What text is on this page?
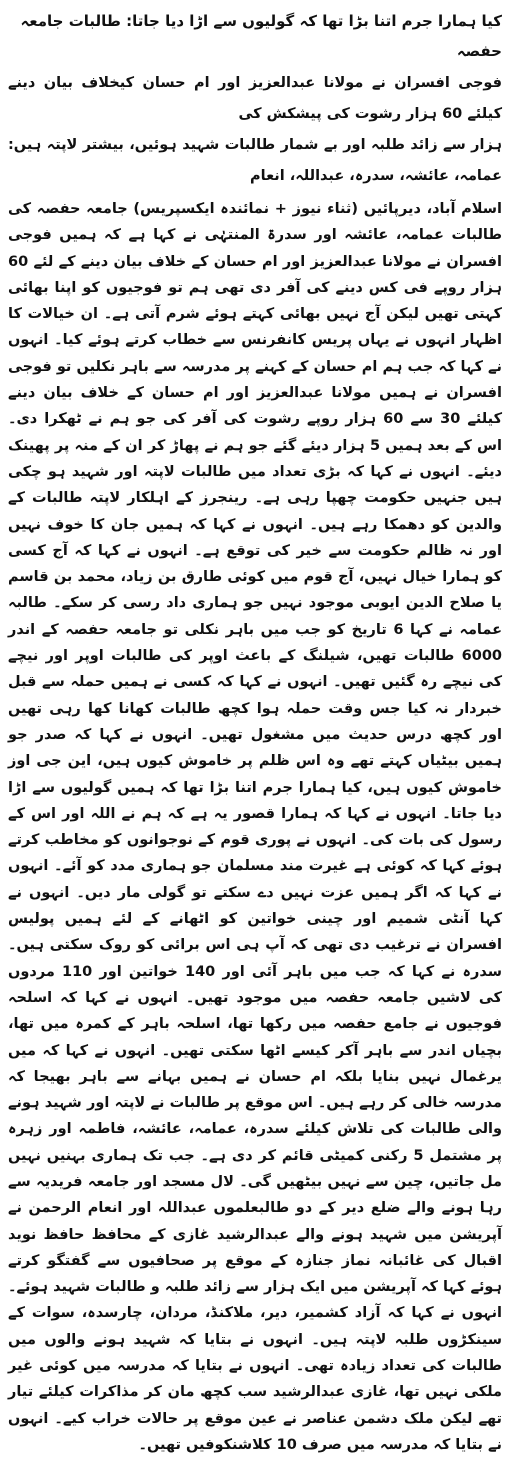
کیا ہمارا جرم اتنا بڑا تھا کہ گولیوں سے اڑا دیا جاتا: طالبات جامعہ حفصہ
فوجی افسران نے مولانا عبدالعزیز اور ام حسان کیخلاف بیان دینے کیلئے 60 ہزار رشوت کی پیشکش کی
ہزار سے زائد طلبہ اور بے شمار طالبات شہید ہوئیں، بیشتر لاپتہ ہیں: عمامہ، عائشہ، سدرہ، عبداللہ، انعام
اسلام آباد، دیرپائیں (ثناء نیوز + نمائندہ ایکسپریس) جامعہ حفصہ کی طالبات عمامہ، عائشہ اور سدرۃ المنتہٰی نے کہا ہے کہ ہمیں فوجی افسران نے مولانا عبدالعزیز اور ام حسان کے خلاف بیان دینے کے لئے 60 ہزار روپے فی کس دینے کی آفر دی تھی ہم تو فوجیوں کو اپنا بھائی کہتی تھیں لیکن آج نہیں بھائی کہتے ہوئے شرم آتی ہے۔ ان خیالات کا اظہار انہوں نے یہاں پریس کانفرنس سے خطاب کرتے ہوئے کیا۔ انہوں نے کہا کہ جب ہم ام حسان کے کہنے پر مدرسہ سے باہر نکلیں تو فوجی افسران نے ہمیں مولانا عبدالعزیز اور ام حسان کے خلاف بیان دینے کیلئے 30 سے 60 ہزار روپے رشوت کی آفر کی جو ہم نے ٹھکرا دی۔ اس کے بعد ہمیں 5 ہزار دیئے گئے جو ہم نے پھاڑ کر ان کے منہ پر پھینک دیئے۔ انہوں نے کہا کہ بڑی تعداد میں طالبات لاپتہ اور شہید ہو چکی ہیں جنہیں حکومت چھپا رہی ہے۔ رینجرز کے اہلکار لاپتہ طالبات کے والدین کو دھمکا رہے ہیں۔ انہوں نے کہا کہ ہمیں جان کا خوف نہیں اور نہ ظالم حکومت سے خیر کی توقع ہے۔ انہوں نے کہا کہ آج کسی کو ہمارا خیال نہیں، آج قوم میں کوئی طارق بن زیاد، محمد بن قاسم یا صلاح الدین ایوبی موجود نہیں جو ہماری داد رسی کر سکے۔ طالبہ عمامہ نے کہا 6 تاریخ کو جب میں باہر نکلی تو جامعہ حفصہ کے اندر 6000 طالبات تھیں، شیلنگ کے باعث اوپر کی طالبات اوپر اور نیچے کی نیچے رہ گئیں تھیں۔ انہوں نے کہا کہ کسی نے ہمیں حملہ سے قبل خبردار نہ کیا جس وقت حملہ ہوا کچھ طالبات کھانا کھا رہی تھیں اور کچھ درس حدیث میں مشغول تھیں۔ انہوں نے کہا کہ صدر جو ہمیں بیٹیاں کہتے تھے وہ اس ظلم پر خاموش کیوں ہیں، این جی اوز خاموش کیوں ہیں، کیا ہمارا جرم اتنا بڑا تھا کہ ہمیں گولیوں سے اڑا دیا جاتا۔ انہوں نے کہا کہ ہمارا قصور یہ ہے کہ ہم نے اللہ اور اس کے رسول کی بات کی۔ انہوں نے پوری قوم کے نوجوانوں کو مخاطب کرتے ہوئے کہا کہ کوئی ہے غیرت مند مسلمان جو ہماری مدد کو آئے۔ انہوں نے کہا کہ اگر ہمیں عزت نہیں دے سکتے تو گولی مار دیں۔ انہوں نے کہا آنٹی شمیم اور چینی خواتین کو اٹھانے کے لئے ہمیں پولیس افسران نے ترغیب دی تھی کہ آپ ہی اس برائی کو روک سکتی ہیں۔ سدرہ نے کہا کہ جب میں باہر آئی اور 140 خواتین اور 110 مردوں کی لاشیں جامعہ حفصہ میں موجود تھیں۔ انہوں نے کہا کہ اسلحہ فوجیوں نے جامع حفصہ میں رکھا تھا، اسلحہ باہر کے کمرہ میں تھا، بچیاں اندر سے باہر آکر کیسے اٹھا سکتی تھیں۔ انہوں نے کہا کہ میں یرغمال نہیں بنایا بلکہ ام حسان نے ہمیں بہانے سے باہر بھیجا کہ مدرسہ خالی کر رہے ہیں۔ اس موقع پر طالبات نے لاپتہ اور شہید ہونے والی طالبات کی تلاش کیلئے سدرہ، عمامہ، عائشہ، فاطمہ اور زہرہ پر مشتمل 5 رکنی کمیٹی قائم کر دی ہے۔ جب تک ہماری بہنیں نہیں مل جاتیں، چین سے نہیں بیٹھیں گی۔ لال مسجد اور جامعہ فریدیہ سے رہا ہونے والے ضلع دیر کے دو طالبعلموں عبداللہ اور انعام الرحمن نے آپریشن میں شہید ہونے والے عبدالرشید غازی کے محافظ حافظ نوید اقبال کی غائبانہ نماز جنازہ کے موقع پر صحافیوں سے گفتگو کرتے ہوئے کہا کہ آپریشن میں ایک ہزار سے زائد طلبہ و طالبات شہید ہوئے۔ انہوں نے کہا کہ آزاد کشمیر، دیر، ملاکنڈ، مردان، چارسدہ، سوات کے سینکڑوں طلبہ لاپتہ ہیں۔ انہوں نے بتایا کہ شہید ہونے والوں میں طالبات کی تعداد زیادہ تھی۔ انہوں نے بتایا کہ مدرسہ میں کوئی غیر ملکی نہیں تھا، غازی عبدالرشید سب کچھ مان کر مذاکرات کیلئے تیار تھے لیکن ملک دشمن عناصر نے عین موقع پر حالات خراب کیے۔ انہوں نے بتایا کہ مدرسہ میں صرف 10 کلاشنکوفیں تھیں۔
